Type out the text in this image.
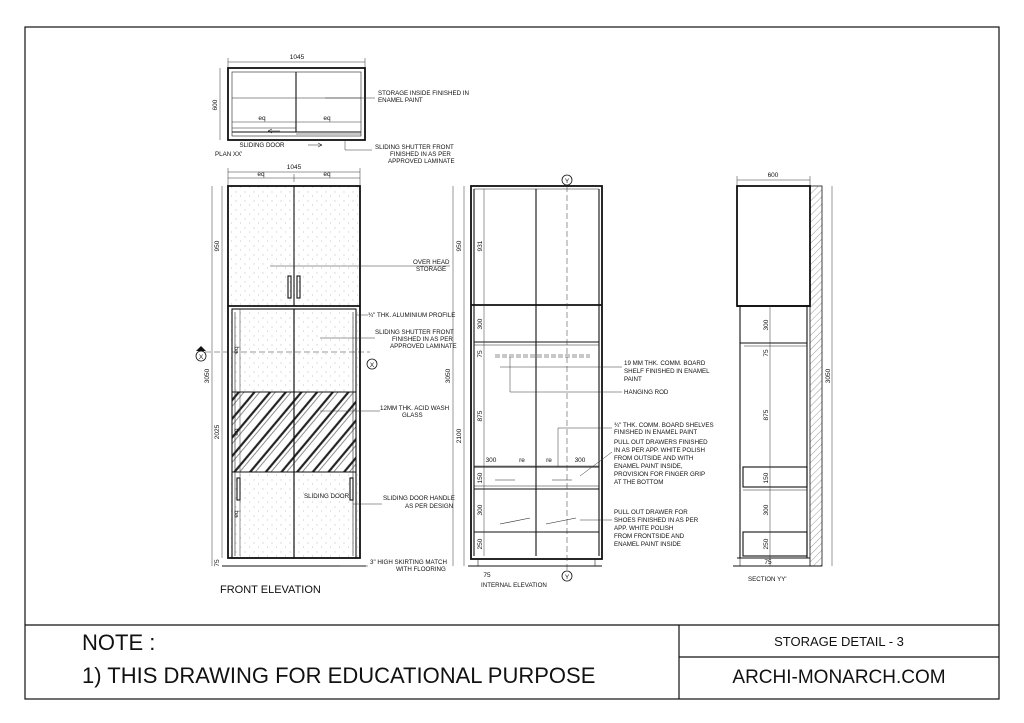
1045
600
eq	eq
SLIDING DOOR
PLAN XX'
STORAGE INSIDE FINISHED IN
ENAMEL PAINT
SLIDING SHUTTER FRONT
FINISHED IN AS PER
APPROVED LAMINATE
1045
eq	eq
950
3050
2025
75
eq
eq
eq
X
X
FRONT ELEVATION
OVER HEAD
STORAGE
¾" THK. ALUMINIUM PROFILE
SLIDING SHUTTER FRONT
FINISHED IN AS PER
APPROVED LAMINATE
12MM THK. ACID WASH
GLASS
SLIDING DOOR	SLIDING DOOR HANDLE
AS PER DESIGN
3" HIGH SKIRTING MATCH
WITH FLOORING
950
3050
2100
931
300
75
875
150
300
250
75
300	re	re	300
Y
Y
INTERNAL ELEVATION
19 MM THK. COMM. BOARD
SHELF FINISHED IN ENAMEL
PAINT
HANGING ROD
¾" THK. COMM. BOARD SHELVES
FINISHED IN ENAMEL PAINT
PULL OUT DRAWERS FINISHED
IN AS PER APP. WHITE POLISH
FROM OUTSIDE AND WITH
ENAMEL PAINT INSIDE,
PROVISION FOR FINGER GRIP
AT THE BOTTOM
PULL OUT DRAWER FOR
SHOES FINISHED IN AS PER
APP. WHITE POLISH
FROM FRONTSIDE AND
ENAMEL PAINT INSIDE
600
300
75
875
150
300
250
75
3050
SECTION YY'
NOTE :
1) THIS DRAWING FOR EDUCATIONAL PURPOSE
STORAGE DETAIL - 3
ARCHI-MONARCH.COM
